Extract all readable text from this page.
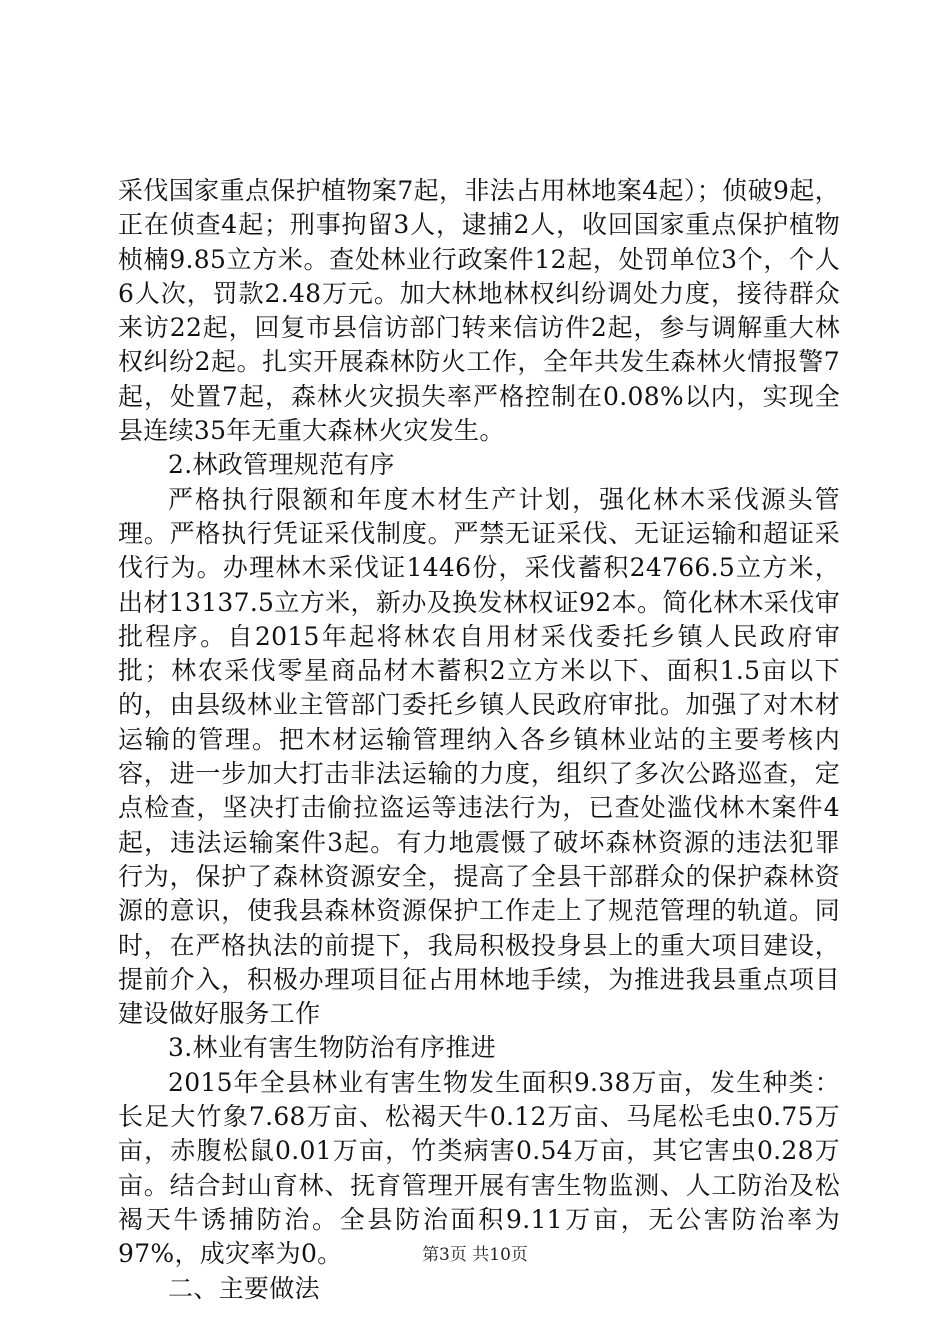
采伐国家重点保护植物案7起，非法占用林地案4起）；侦破9起，正在侦查4起；刑事拘留3人，逮捕2人，收回国家重点保护植物桢楠9.85立方米。查处林业行政案件12起，处罚单位3个，个人6人次，罚款2.48万元。加大林地林权纠纷调处力度，接待群众来访22起，回复市县信访部门转来信访件2起，参与调解重大林权纠纷2起。扎实开展森林防火工作，全年共发生森林火情报警7起，处置7起，森林火灾损失率严格控制在0.08%以内，实现全县连续35年无重大森林火灾发生。

2.林政管理规范有序

严格执行限额和年度木材生产计划，强化林木采伐源头管理。严格执行凭证采伐制度。严禁无证采伐、无证运输和超证采伐行为。办理林木采伐证1446份，采伐蓄积24766.5立方米，出材13137.5立方米，新办及换发林权证92本。简化林木采伐审批程序。自2015年起将林农自用材采伐委托乡镇人民政府审批；林农采伐零星商品材木蓄积2立方米以下、面积1.5亩以下的，由县级林业主管部门委托乡镇人民政府审批。加强了对木材运输的管理。把木材运输管理纳入各乡镇林业站的主要考核内容，进一步加大打击非法运输的力度，组织了多次公路巡查，定点检查，坚决打击偷拉盗运等违法行为，已查处滥伐林木案件4起，违法运输案件3起。有力地震慑了破坏森林资源的违法犯罪行为，保护了森林资源安全，提高了全县干部群众的保护森林资源的意识，使我县森林资源保护工作走上了规范管理的轨道。同时，在严格执法的前提下，我局积极投身县上的重大项目建设，提前介入，积极办理项目征占用林地手续，为推进我县重点项目建设做好服务工作

3.林业有害生物防治有序推进

2015年全县林业有害生物发生面积9.38万亩，发生种类：长足大竹象7.68万亩、松褐天牛0.12万亩、马尾松毛虫0.75万亩，赤腹松鼠0.01万亩，竹类病害0.54万亩，其它害虫0.28万亩。结合封山育林、抚育管理开展有害生物监测、人工防治及松褐天牛诱捕防治。全县防治面积9.11万亩，无公害防治率为97%，成灾率为0。

二、主要做法

第3页 共10页
